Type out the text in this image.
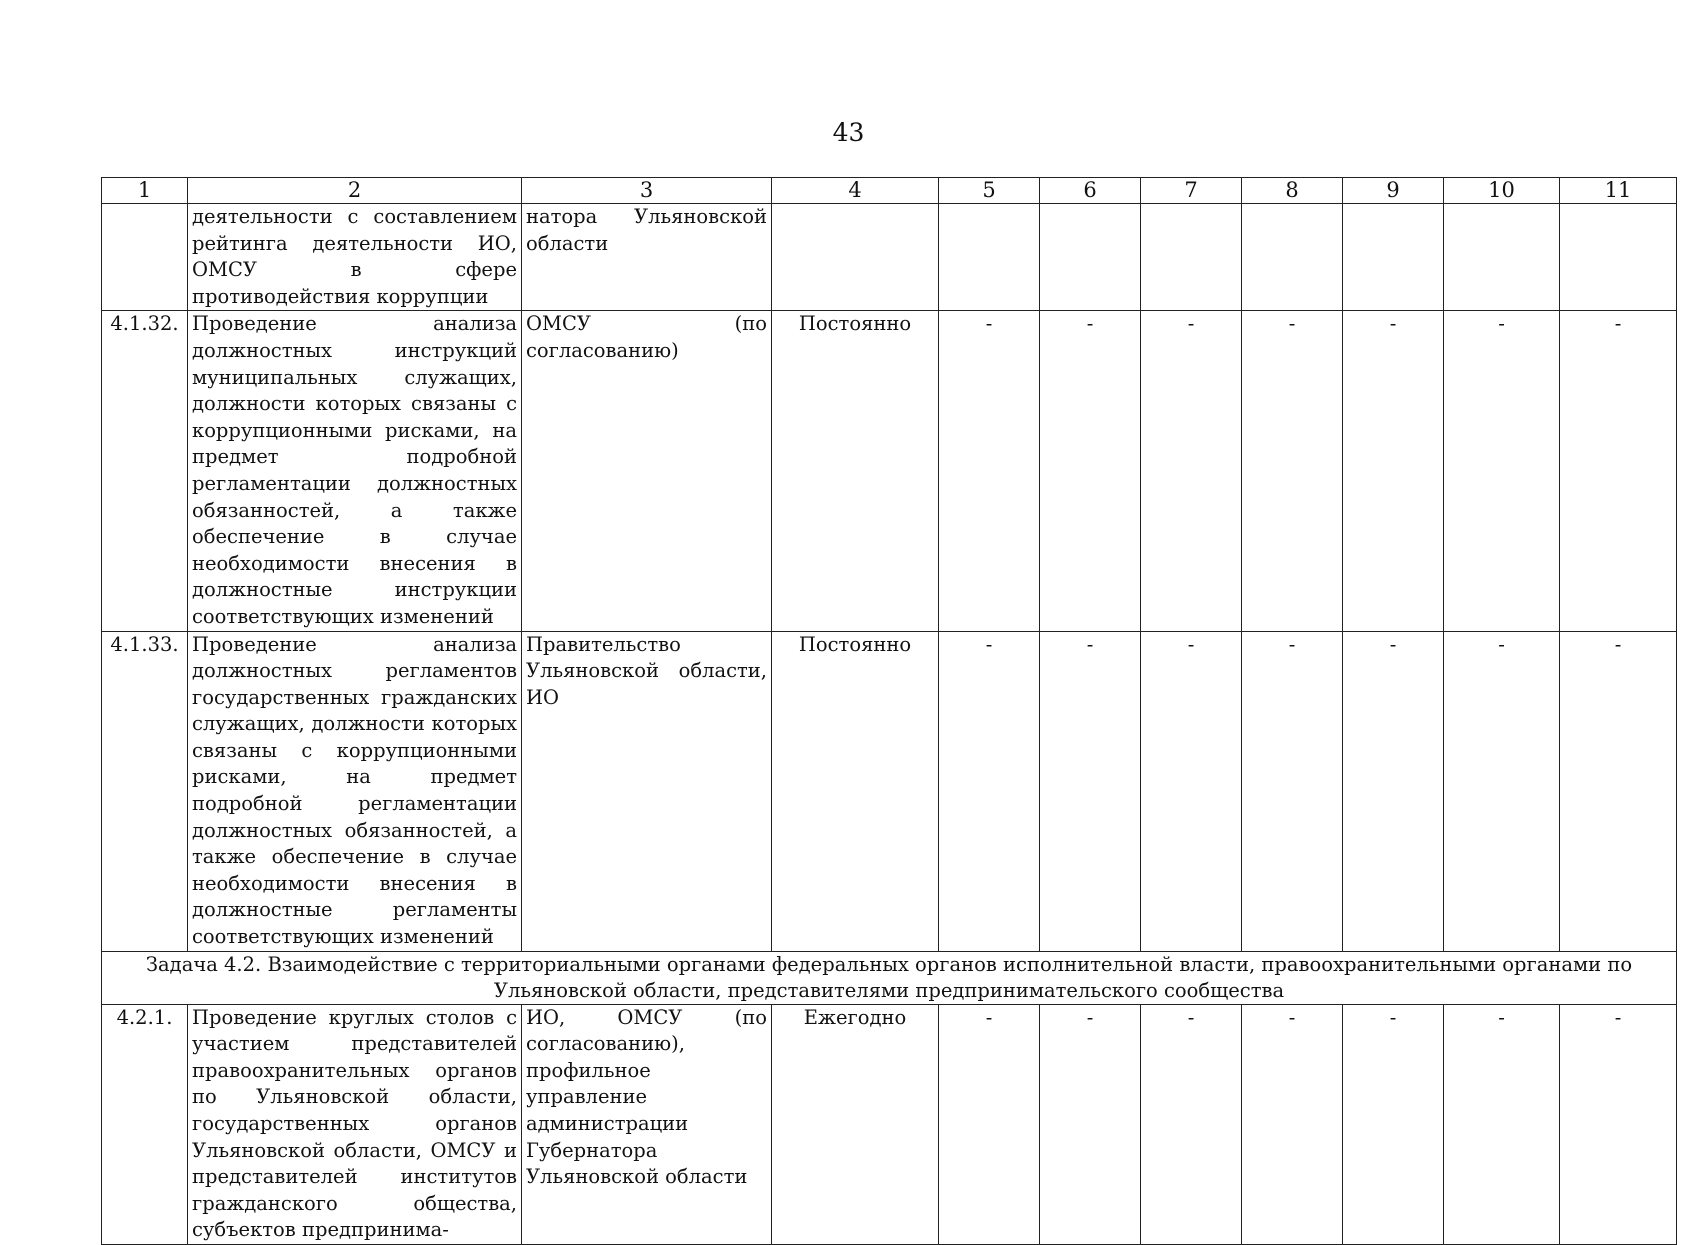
43
1	2	3	4	5	6	7	8	9	10	11
	деятельности с составлением рейтинга деятельности ИО, ОМСУ в сфере противодействия коррупции	натора Ульяновской области								
4.1.32.	Проведение анализа должностных инструкций муниципальных служащих, должности которых связаны с коррупционными рисками, на предмет подробной регламентации должностных обязанностей, а также обеспечение в случае необходимости внесения в должностные инструкции соответствующих изменений	ОМСУ (по согласованию)	Постоянно	-	-	-	-	-	-	-
4.1.33.	Проведение анализа должностных регламентов государственных гражданских служащих, должности которых связаны с коррупционными рисками, на предмет подробной регламентации должностных обязанностей, а также обеспечение в случае необходимости внесения в должностные регламенты соответствующих изменений	Правительство Ульяновской области, ИО	Постоянно	-	-	-	-	-	-	-
Задача 4.2. Взаимодействие с территориальными органами федеральных органов исполнительной власти, правоохранительными органами по Ульяновской области, представителями предпринимательского сообщества										
4.2.1.	Проведение круглых столов с участием представителей правоохранительных органов по Ульяновской области, государственных органов Ульяновской области, ОМСУ и представителей институтов гражданского общества, субъектов предпринима-	ИО, ОМСУ (по согласованию), профильное управление администрации Губернатора Ульяновской области	Ежегодно	-	-	-	-	-	-	-
